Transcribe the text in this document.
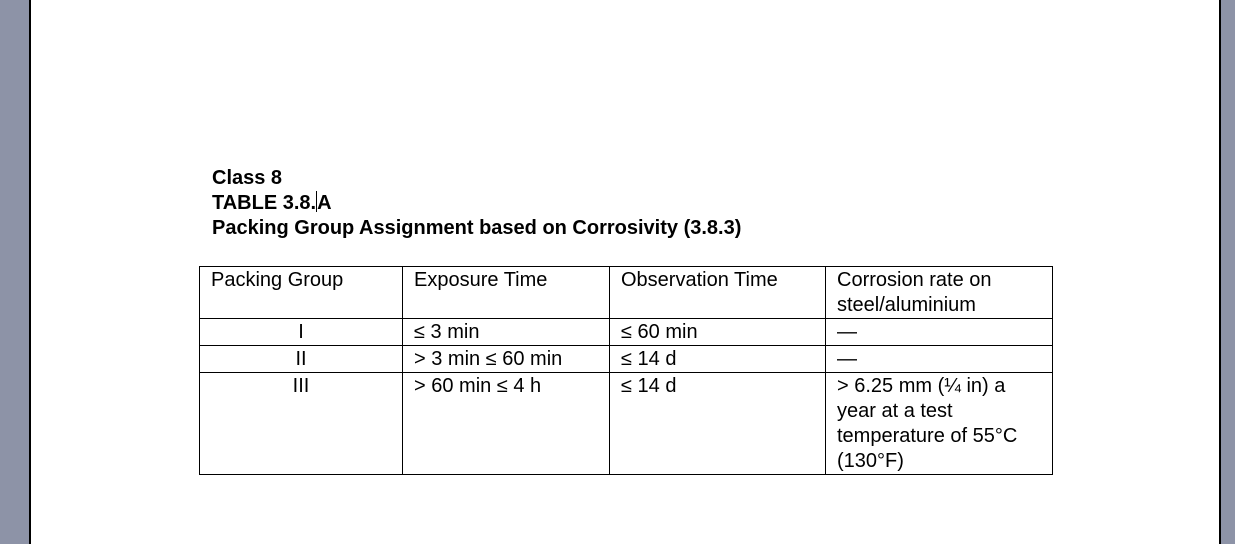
Class 8
TABLE 3.8.A
Packing Group Assignment based on Corrosivity (3.8.3)
Packing Group	Exposure Time	Observation Time	Corrosion rate on steel/aluminium
I	≤ 3 min	≤ 60 min	—
II	> 3 min ≤ 60 min	≤ 14 d	—
III	> 60 min ≤ 4 h	≤ 14 d	> 6.25 mm (¼ in) a year at a test temperature of 55°C (130°F)
